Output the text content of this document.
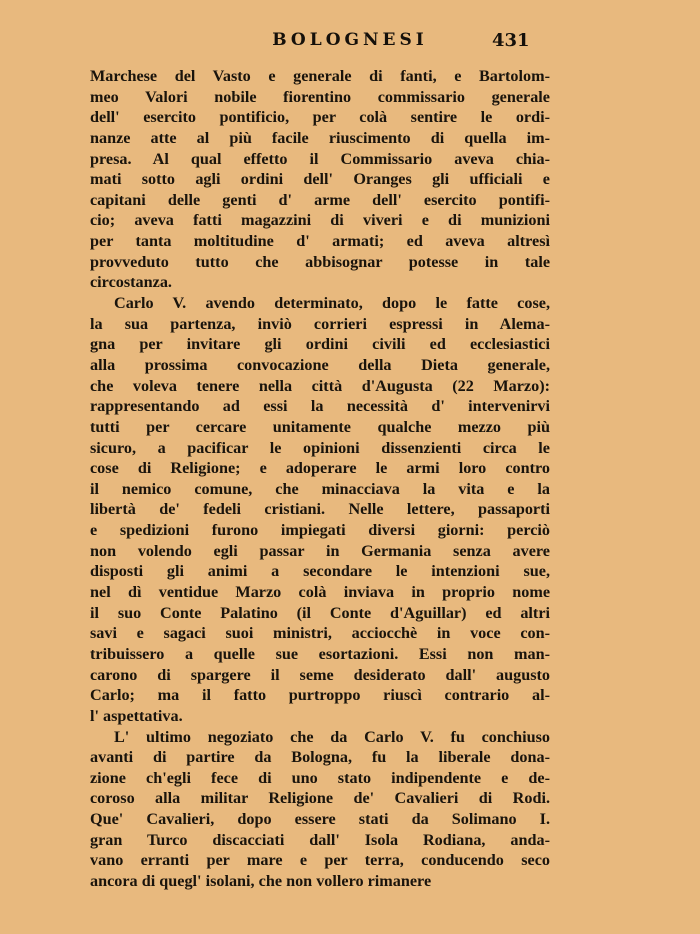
BOLOGNESI	431
Marchese del Vasto e generale di fanti, e Bartolom-
meo Valori nobile fiorentino commissario generale
dell' esercito pontificio, per colà sentire le ordi-
nanze atte al più facile riuscimento di quella im-
presa. Al qual effetto il Commissario aveva chia-
mati sotto agli ordini dell' Oranges gli ufficiali e
capitani delle genti d' arme dell' esercito pontifi-
cio; aveva fatti magazzini di viveri e di munizioni
per tanta moltitudine d' armati; ed aveva altresì
provveduto tutto che abbisognar potesse in tale
circostanza.
Carlo V. avendo determinato, dopo le fatte cose,
la sua partenza, inviò corrieri espressi in Alema-
gna per invitare gli ordini civili ed ecclesiastici
alla prossima convocazione della Dieta generale,
che voleva tenere nella città d'Augusta (22 Marzo):
rappresentando ad essi la necessità d' intervenirvi
tutti per cercare unitamente qualche mezzo più
sicuro, a pacificar le opinioni dissenzienti circa le
cose di Religione; e adoperare le armi loro contro
il nemico comune, che minacciava la vita e la
libertà de' fedeli cristiani. Nelle lettere, passaporti
e spedizioni furono impiegati diversi giorni: perciò
non volendo egli passar in Germania senza avere
disposti gli animi a secondare le intenzioni sue,
nel dì ventidue Marzo colà inviava in proprio nome
il suo Conte Palatino (il Conte d'Aguillar) ed altri
savi e sagaci suoi ministri, acciocchè in voce con-
tribuissero a quelle sue esortazioni. Essi non man-
carono di spargere il seme desiderato dall' augusto
Carlo; ma il fatto purtroppo riuscì contrario al-
l' aspettativa.
L' ultimo negoziato che da Carlo V. fu conchiuso
avanti di partire da Bologna, fu la liberale dona-
zione ch'egli fece di uno stato indipendente e de-
coroso alla militar Religione de' Cavalieri di Rodi.
Que' Cavalieri, dopo essere stati da Solimano I.
gran Turco discacciati dall' Isola Rodiana, anda-
vano erranti per mare e per terra, conducendo seco
ancora di quegl' isolani, che non vollero rimanere
